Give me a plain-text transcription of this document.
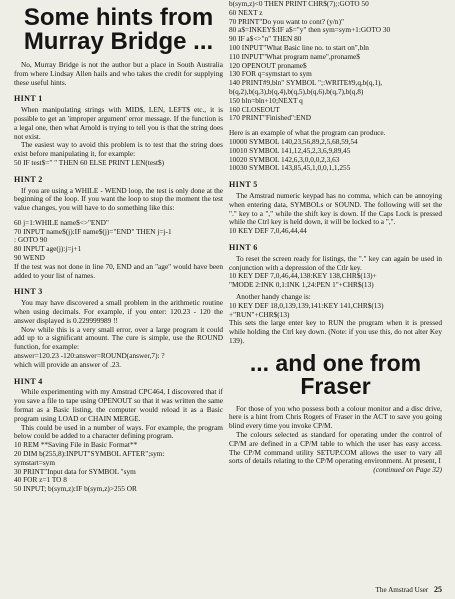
Some hints from
Murray Bridge ...

No, Murray Bridge is not the author but a place in South Australia from where Lindsay Allen hails and who takes the credit for supplying these useful hints.

HINT 1

When manipulating strings with MID$, LEN, LEFT$ etc., it is possible to get an 'improper argument' error message. If the function is a legal one, then what Arnold is trying to tell you is that the string does not exist.

The easiest way to avoid this problem is to test that the string does exist before manipulating it, for example:

50 IF test$=" " THEN 60 ELSE PRINT LEN(test$)
HINT 2

If you are using a WHILE - WEND loop, the test is only done at the beginning of the loop. If you want the loop to stop the moment the test value changes, you will have to do something like this:

60 j=1:WHILE name$<>"END"
70 INPUT name$(j):IF name$(j)="END" THEN j=j-1
: GOTO 90
80 INPUT age(j):j=j+1
90 WEND

If the test was not done in line 70, END and an "age" would have been added to your list of names.

HINT 3

You may have discovered a small problem in the arithmetic routine when using decimals. For example, if you enter: 120.23 - 120 the answer displayed is 0.229999989 !!

Now while this is a very small error, over a large program it could add up to a significant amount. The cure is simple, use the ROUND function, for example:

answer=120.23 -120:answer=ROUND(answer,7): ?

which will provide an answer of .23.

HINT 4

While experimenting with my Amstrad CPC464, I discovered that if you save a file to tape using OPENOUT so that it was written the same format as a Basic listing, the computer would reload it as a Basic program using LOAD or CHAIN MERGE.

This could be used in a number of ways. For example, the program below could be added to a character defining program.

10 REM **Saving File in Basic Format**
20 DIM b(255,8):INPUT"SYMBOL AFTER";sym:
symstart=sym
30 PRINT"Input data for SYMBOL "sym
40 FOR z=1 TO 8
50 INPUT; b(sym,z):IF b(sym,z)>255 OR
b(sym,z)<0 THEN PRINT CHR$(7);:GOTO 50
60 NEXT z
70 PRINT"Do you want to cont? (y/n)"
80 a$=INKEY$:IF a$="y" then sym=sym+1:GOTO 30
90 IF a$<>"n" THEN 80
100 INPUT"What Basic line no. to start on",bln
110 INPUT"What program name",proname$
120 OPENOUT proname$
130 FOR q=symstart to sym
140 PRINT#9,bln" SYMBOL ";:WRITE#9,q,b(q,1),
b(q,2),b(q,3),b(q,4),b(q,5),b(q,6),b(q,7),b(q,8)
150 bln=bln+10;NEXT q
160 CLOSEOUT
170 PRINT"Finished":END

Here is an example of what the program can produce.

10000 SYMBOL 140,23,56,89,2,5,68,59,54
10010 SYMBOL 141,12,45,2,3,6,9,89,45
10020 SYMBOL 142,6,3,0,0,0,2,3,63
10030 SYMBOL 143,85,45,1,0,0,1,1,255
HINT 5

The Amstrad numeric keypad has no comma, which can be annoying when entering data, SYMBOLs or SOUND. The following will set the "." key to a "," while the shift key is down. If the Caps Lock is pressed while the Ctrl key is held down, it will be locked to a ",".

10 KEY DEF 7,0,46,44,44
HINT 6

To reset the screen ready for listings, the "." key can again be used in conjunction with a depression of the Ctlr key.

10 KEY DEF 7,0,46,44,138:KEY 138,CHR$(13)+
"MODE 2:INK 0,1:INK 1,24:PEN 1"+CHR$(13)

Another handy change is:

10 KEY DEF 18,0,139,139,141:KEY 141,CHR$(13)
+"RUN"+CHR$(13)

This sets the large enter key to RUN the program when it is pressed while holding the Ctrl key down. (Note: if you use this, do not alter Key 139).

... and one from
Fraser

For those of you who possess both a colour monitor and a disc drive, here is a hint from Chris Rogers of Fraser in the ACT to save you going blind every time you invoke CP/M.

The colours selected as standard for operating under the control of CP/M are defined in a CP/M table to which the user has easy access. The CP/M command utility SETUP.COM allows the user to vary all sorts of details relating to the CP/M operating environment. At present, I

(continued on Page 32)

The Amstrad User 25
